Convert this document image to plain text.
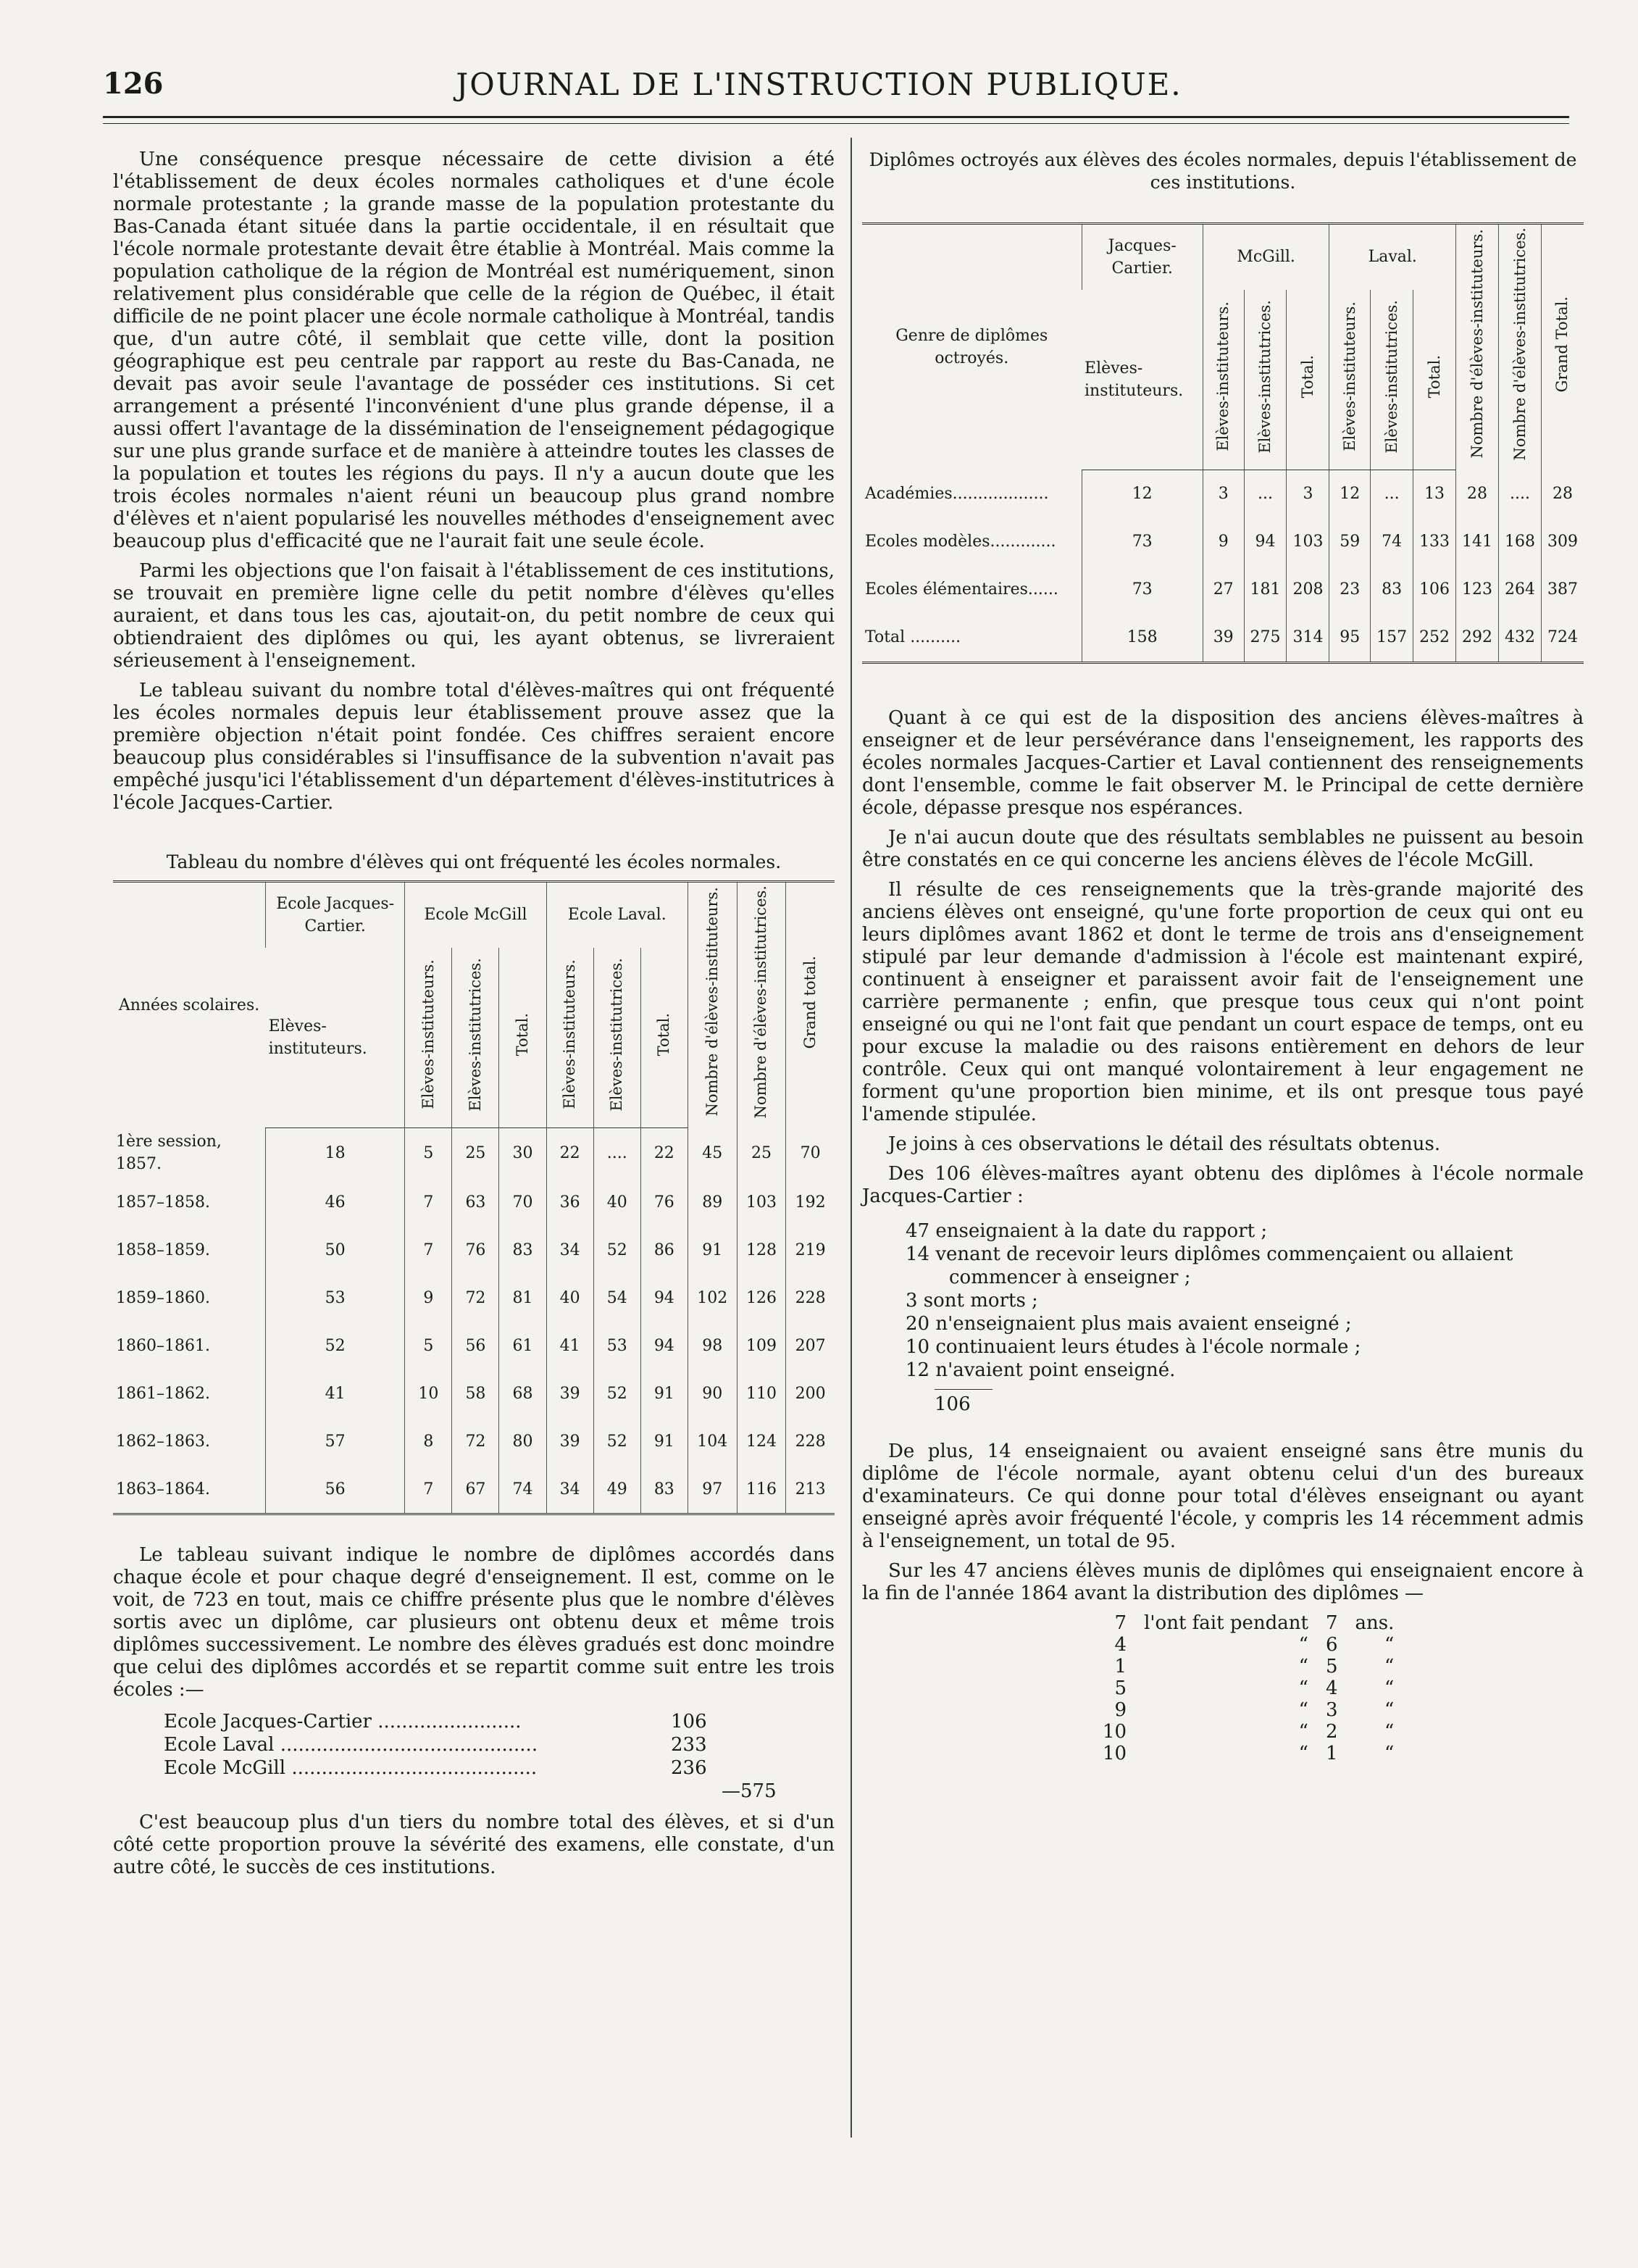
126	JOURNAL DE L'INSTRUCTION PUBLIQUE.

Une conséquence presque nécessaire de cette division a été l'établissement de deux écoles normales catholiques et d'une école normale protestante ; la grande masse de la population protestante du Bas-Canada étant située dans la partie occidentale, il en résultait que l'école normale protestante devait être établie à Montréal. Mais comme la population catholique de la région de Montréal est numériquement, sinon relativement plus considérable que celle de la région de Québec, il était difficile de ne point placer une école normale catholique à Montréal, tandis que, d'un autre côté, il semblait que cette ville, dont la position géographique est peu centrale par rapport au reste du Bas-Canada, ne devait pas avoir seule l'avantage de posséder ces institutions. Si cet arrangement a présenté l'inconvénient d'une plus grande dépense, il a aussi offert l'avantage de la dissémination de l'enseignement pédagogique sur une plus grande surface et de manière à atteindre toutes les classes de la population et toutes les régions du pays. Il n'y a aucun doute que les trois écoles normales n'aient réuni un beaucoup plus grand nombre d'élèves et n'aient popularisé les nouvelles méthodes d'enseignement avec beaucoup plus d'efficacité que ne l'aurait fait une seule école.

Parmi les objections que l'on faisait à l'établissement de ces institutions, se trouvait en première ligne celle du petit nombre d'élèves qu'elles auraient, et dans tous les cas, ajoutait-on, du petit nombre de ceux qui obtiendraient des diplômes ou qui, les ayant obtenus, se livreraient sérieusement à l'enseignement.

Le tableau suivant du nombre total d'élèves-maîtres qui ont fréquenté les écoles normales depuis leur établissement prouve assez que la première objection n'était point fondée. Ces chiffres seraient encore beaucoup plus considérables si l'insuffisance de la subvention n'avait pas empêché jusqu'ici l'établissement d'un département d'élèves-institutrices à l'école Jacques-Cartier.

Tableau du nombre d'élèves qui ont fréquenté les écoles normales.

Années scolaires.	Ecole Jacques-Cartier.	Ecole McGill			Ecole Laval.			Nombre d'élèves-instituteurs.	Nombre d'élèves-institutrices.	Grand total.
	Elèves-instituteurs.	Elèves-instituteurs.	Elèves-institutrices.	Total.	Elèves-instituteurs.	Elèves-institutrices.	Total.			
1ère session, 1857.	18	5	25	30	22	....	22	45	25	70
1857–1858.	46	7	63	70	36	40	76	89	103	192
1858–1859.	50	7	76	83	34	52	86	91	128	219
1859–1860.	53	9	72	81	40	54	94	102	126	228
1860–1861.	52	5	56	61	41	53	94	98	109	207
1861–1862.	41	10	58	68	39	52	91	90	110	200
1862–1863.	57	8	72	80	39	52	91	104	124	228
1863–1864.	56	7	67	74	34	49	83	97	116	213

Le tableau suivant indique le nombre de diplômes accordés dans chaque école et pour chaque degré d'enseignement. Il est, comme on le voit, de 723 en tout, mais ce chiffre présente plus que le nombre d'élèves sortis avec un diplôme, car plusieurs ont obtenu deux et même trois diplômes successivement. Le nombre des élèves gradués est donc moindre que celui des diplômes accordés et se repartit comme suit entre les trois écoles :—

Ecole Jacques-Cartier ........................	106
Ecole Laval ...........................................	233
Ecole McGill .........................................	236
—575

C'est beaucoup plus d'un tiers du nombre total des élèves, et si d'un côté cette proportion prouve la sévérité des examens, elle constate, d'un autre côté, le succès de ces institutions.

Diplômes octroyés aux élèves des écoles normales, depuis l'établissement de ces institutions.

Genre de diplômes octroyés.	Jacques-Cartier.	McGill.			Laval.			Nombre d'élèves-instituteurs.	Nombre d'élèves-institutrices.	Grand Total.
	Elèves-instituteurs.	Elèves-instituteurs.	Elèves-institutrices.	Total.	Elèves-instituteurs.	Elèves-institutrices.	Total.			
Académies...................	12	3	...	3	12	...	13	28	....	28
Ecoles modèles.............	73	9	94	103	59	74	133	141	168	309
Ecoles élémentaires......	73	27	181	208	23	83	106	123	264	387
Total ..........	158	39	275	314	95	157	252	292	432	724

Quant à ce qui est de la disposition des anciens élèves-maîtres à enseigner et de leur persévérance dans l'enseignement, les rapports des écoles normales Jacques-Cartier et Laval contiennent des renseignements dont l'ensemble, comme le fait observer M. le Principal de cette dernière école, dépasse presque nos espérances.

Je n'ai aucun doute que des résultats semblables ne puissent au besoin être constatés en ce qui concerne les anciens élèves de l'école McGill.

Il résulte de ces renseignements que la très-grande majorité des anciens élèves ont enseigné, qu'une forte proportion de ceux qui ont eu leurs diplômes avant 1862 et dont le terme de trois ans d'enseignement stipulé par leur demande d'admission à l'école est maintenant expiré, continuent à enseigner et paraissent avoir fait de l'enseignement une carrière permanente ; enfin, que presque tous ceux qui n'ont point enseigné ou qui ne l'ont fait que pendant un court espace de temps, ont eu pour excuse la maladie ou des raisons entièrement en dehors de leur contrôle. Ceux qui ont manqué volontairement à leur engagement ne forment qu'une proportion bien minime, et ils ont presque tous payé l'amende stipulée.

Je joins à ces observations le détail des résultats obtenus.

Des 106 élèves-maîtres ayant obtenu des diplômes à l'école normale Jacques-Cartier :

47 enseignaient à la date du rapport ;
14 venant de recevoir leurs diplômes commençaient ou allaient
commencer à enseigner ;
3 sont morts ;
20 n'enseignaient plus mais avaient enseigné ;
10 continuaient leurs études à l'école normale ;
12 n'avaient point enseigné.
106

De plus, 14 enseignaient ou avaient enseigné sans être munis du diplôme de l'école normale, ayant obtenu celui d'un des bureaux d'examinateurs. Ce qui donne pour total d'élèves enseignant ou ayant enseigné après avoir fréquenté l'école, y compris les 14 récemment admis à l'enseignement, un total de 95.

Sur les 47 anciens élèves munis de diplômes qui enseignaient encore à la fin de l'année 1864 avant la distribution des diplômes —

7	l'ont fait pendant	7	ans.
4	“	6	“
1	“	5	“
5	“	4	“
9	“	3	“
10	“	2	“
10	“	1	“
